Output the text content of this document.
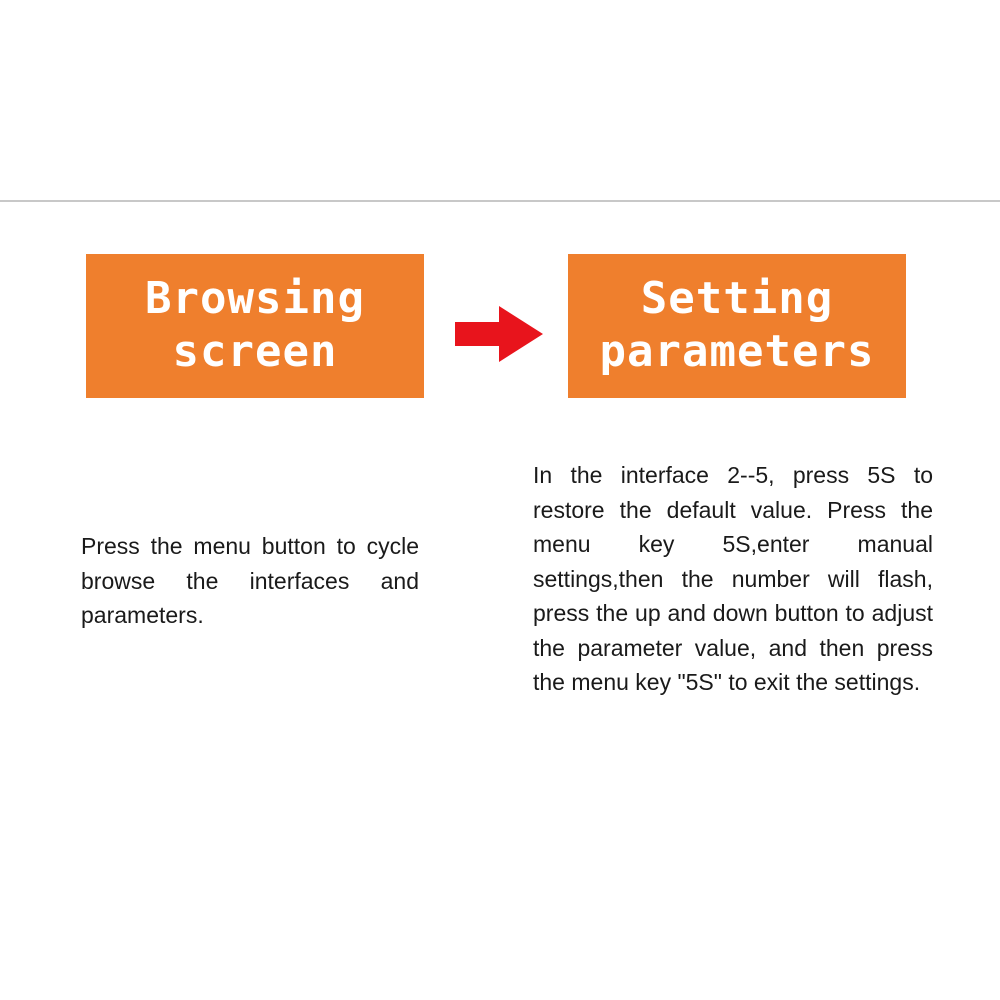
Browsing
screen
Setting
parameters

Press the menu button to cycle browse the interfaces and parameters.

In the interface 2--5, press 5S to restore the default value. Press the menu key 5S,enter manual settings,then the number will flash, press the up and down button to adjust the parameter value, and then press the menu key "5S" to exit the settings.
